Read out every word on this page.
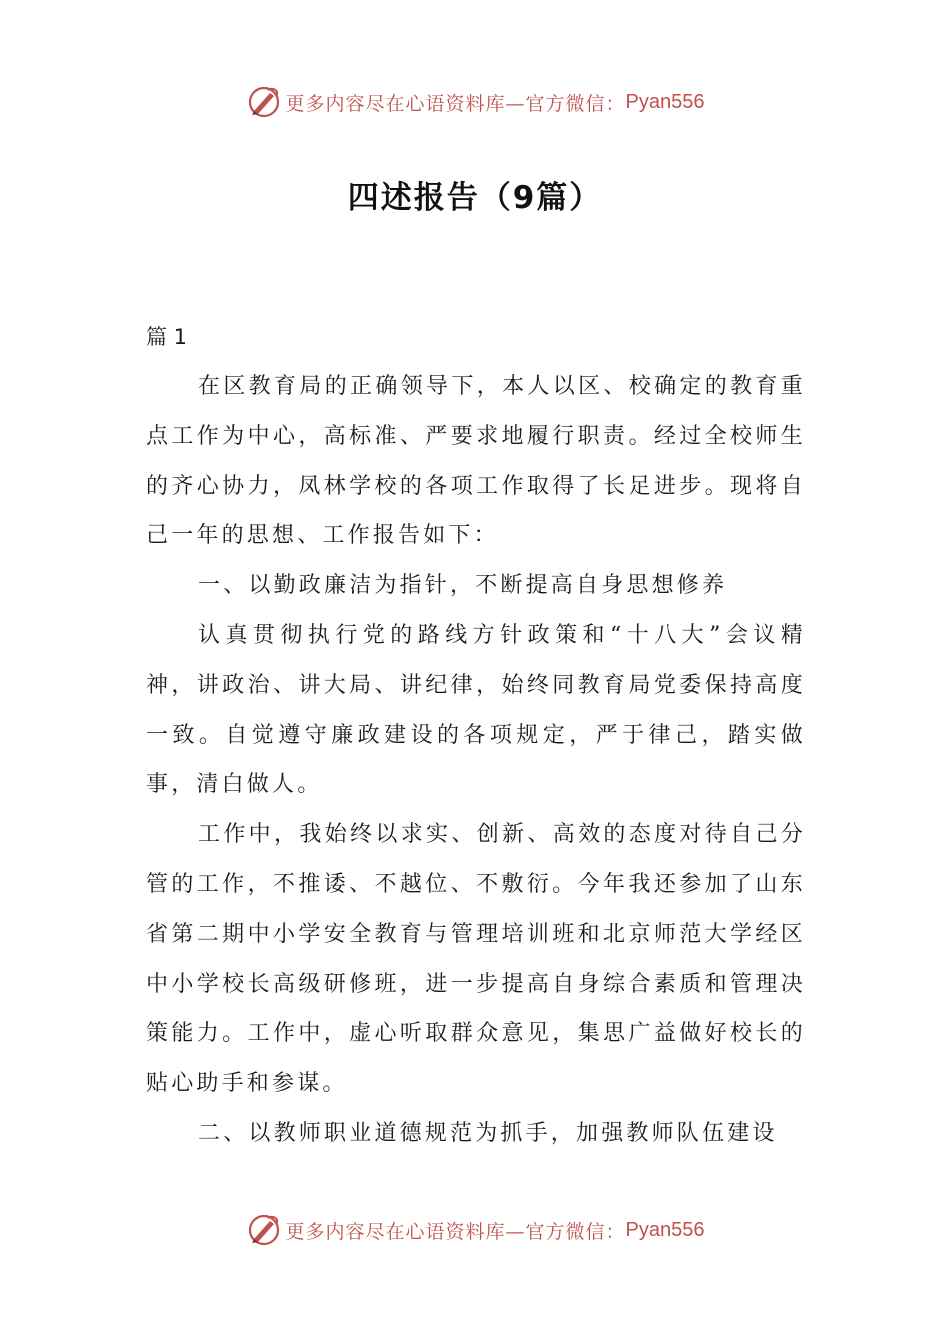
更多内容尽在心语资料库—官方微信： Pyan556
四述报告（9篇）

篇 1

在区教育局的正确领导下，本人以区、校确定的教育重点工作为中心，高标准、严要求地履行职责。经过全校师生的齐心协力，凤林学校的各项工作取得了长足进步。现将自己一年的思想、工作报告如下：

一、以勤政廉洁为指针，不断提高自身思想修养

认真贯彻执行党的路线方针政策和“十八大”会议精神，讲政治、讲大局、讲纪律，始终同教育局党委保持高度一致。自觉遵守廉政建设的各项规定，严于律己，踏实做事，清白做人。

工作中，我始终以求实、创新、高效的态度对待自己分管的工作，不推诿、不越位、不敷衍。今年我还参加了山东省第二期中小学安全教育与管理培训班和北京师范大学经区中小学校长高级研修班，进一步提高自身综合素质和管理决策能力。工作中，虚心听取群众意见，集思广益做好校长的贴心助手和参谋。

二、以教师职业道德规范为抓手，加强教师队伍建设

更多内容尽在心语资料库—官方微信： Pyan556
